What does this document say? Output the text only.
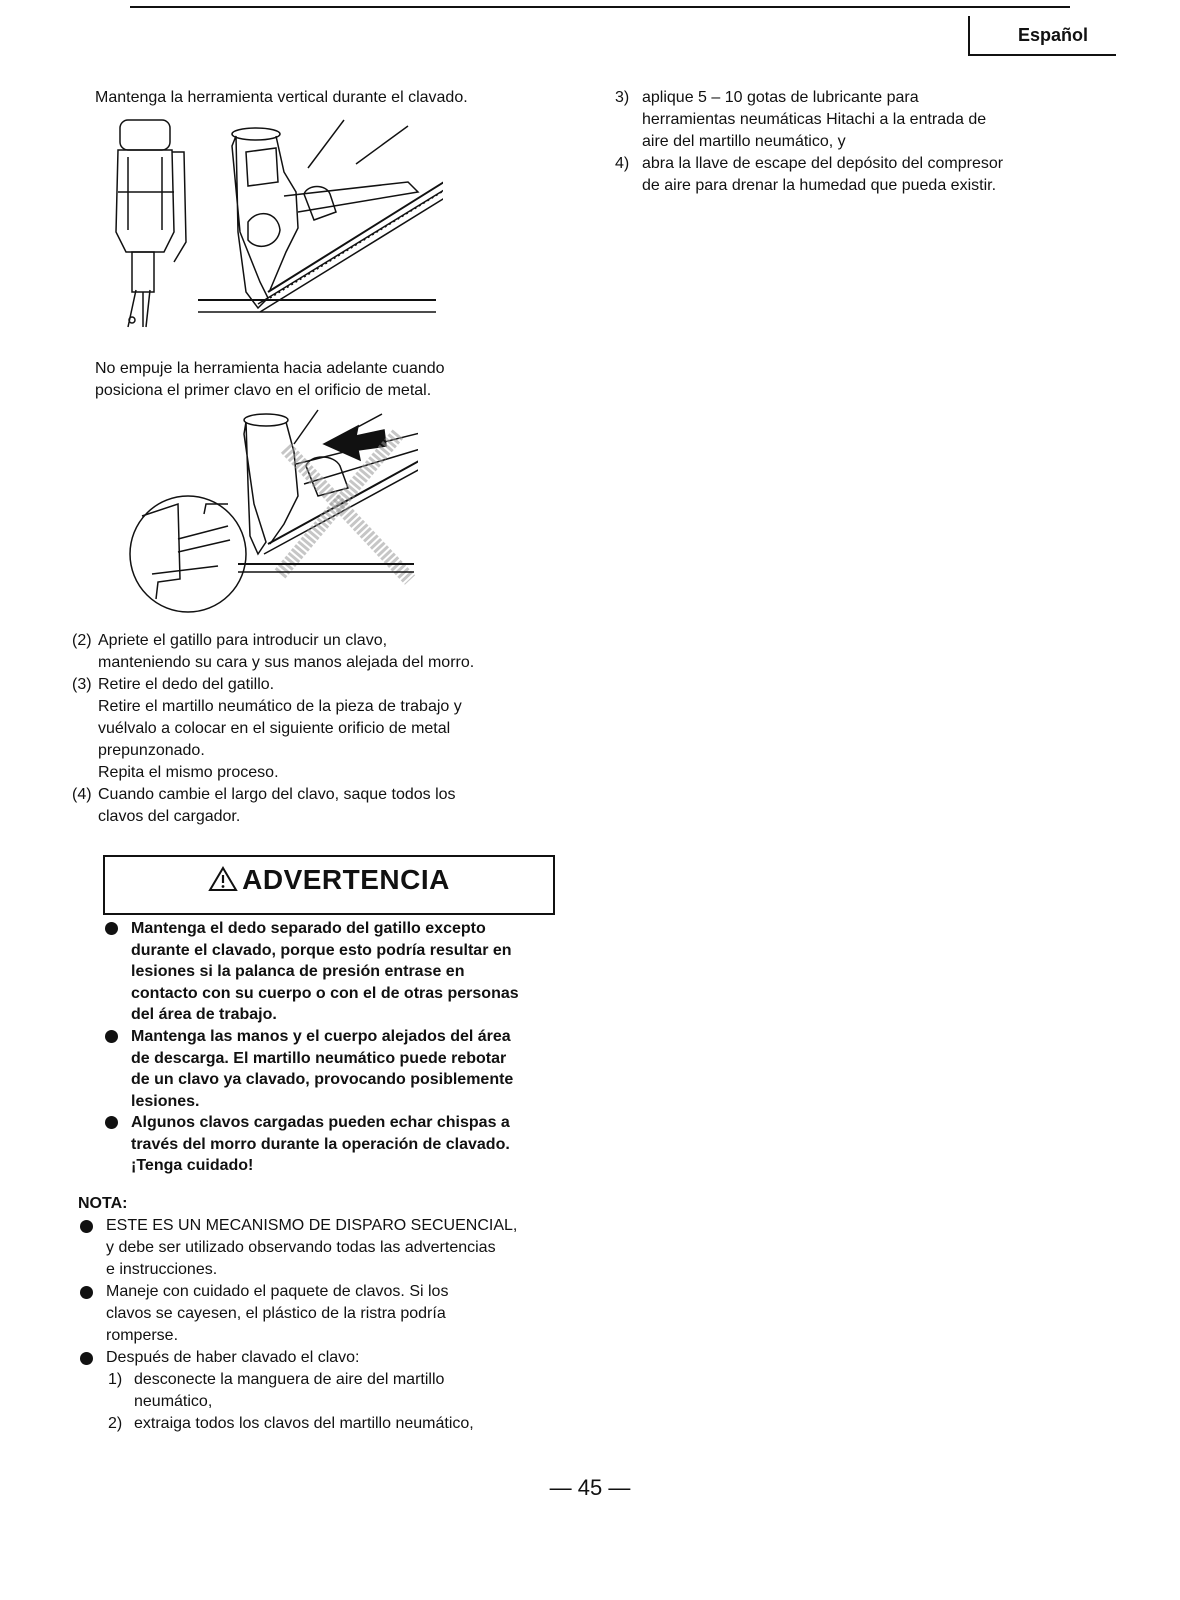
Español
Mantenga la herramienta vertical durante el clavado.
No empuje la herramienta hacia adelante cuando
posiciona el primer clavo en el orificio de metal.
(2) Apriete el gatillo para introducir un clavo,
manteniendo su cara y sus manos alejada del morro.
(3) Retire el dedo del gatillo.
Retire el martillo neumático de la pieza de trabajo y
vuélvalo a colocar en el siguiente orificio de metal
prepunzonado.
Repita el mismo proceso.
(4) Cuando cambie el largo del clavo, saque todos los
clavos del cargador.
ADVERTENCIA
Mantenga el dedo separado del gatillo excepto
durante el clavado, porque esto podría resultar en
lesiones si la palanca de presión entrase en
contacto con su cuerpo o con el de otras personas
del área de trabajo.
Mantenga las manos y el cuerpo alejados del área
de descarga. El martillo neumático puede rebotar
de un clavo ya clavado, provocando posiblemente
lesiones.
Algunos clavos cargadas pueden echar chispas a
través del morro durante la operación de clavado.
¡Tenga cuidado!
NOTA:
ESTE ES UN MECANISMO DE DISPARO SECUENCIAL,
y debe ser utilizado observando todas las advertencias
e instrucciones.
Maneje con cuidado el paquete de clavos. Si los
clavos se cayesen, el plástico de la ristra podría
romperse.
Después de haber clavado el clavo:
1) desconecte la manguera de aire del martillo
neumático,
2) extraiga todos los clavos del martillo neumático,
3) aplique 5 – 10 gotas de lubricante para
herramientas neumáticas Hitachi a la entrada de
aire del martillo neumático, y
4) abra la llave de escape del depósito del compresor
de aire para drenar la humedad que pueda existir.
— 45 —
